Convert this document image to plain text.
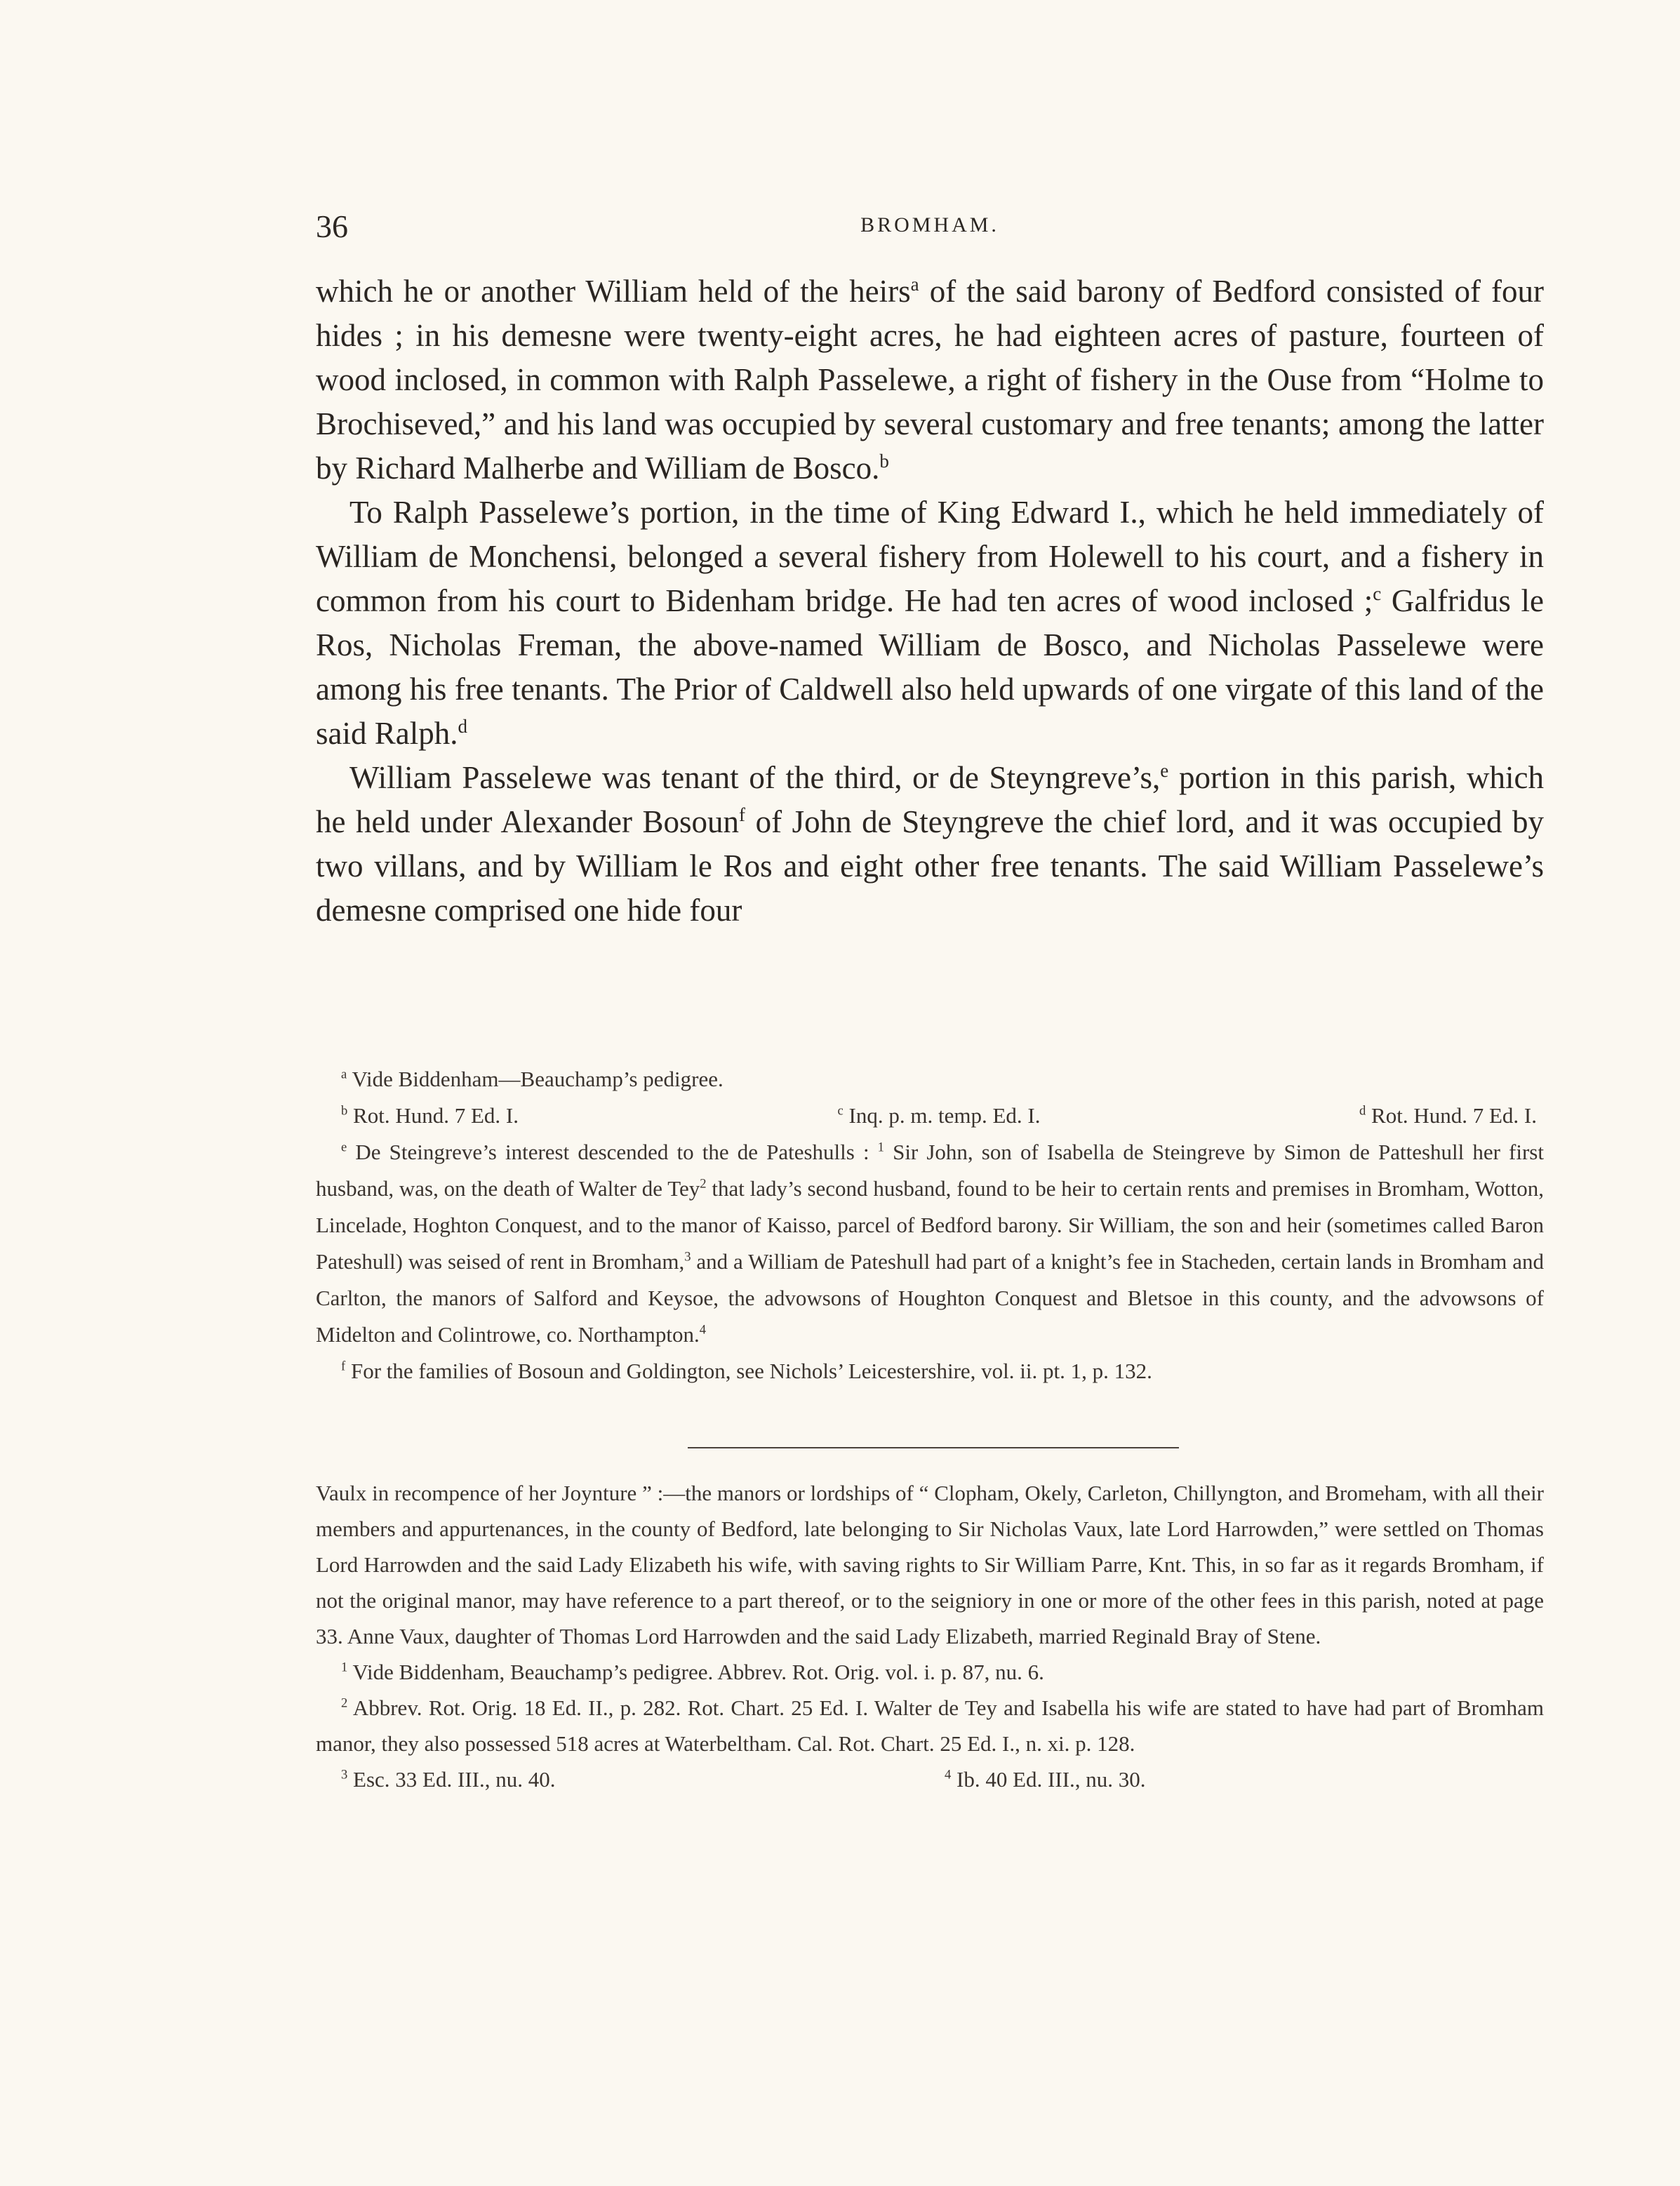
36	BROMHAM.

which he or another William held of the heirs$^a$ of the said barony of Bedford consisted of four hides ; in his demesne were twenty-eight acres, he had eighteen acres of pasture, fourteen of wood inclosed, in common with Ralph Passelewe, a right of fishery in the Ouse from “Holme to Brochiseved,” and his land was occupied by several customary and free tenants; among the latter by Richard Malherbe and William de Bosco.$^b$

To Ralph Passelewe’s portion, in the time of King Edward I., which he held immediately of William de Monchensi, belonged a several fishery from Holewell to his court, and a fishery in common from his court to Bidenham bridge. He had ten acres of wood inclosed ;$^c$ Galfridus le Ros, Nicholas Freman, the above-named William de Bosco, and Nicholas Passelewe were among his free tenants. The Prior of Caldwell also held upwards of one virgate of this land of the said Ralph.$^d$

William Passelewe was tenant of the third, or de Steyngreve’s,$^e$ portion in this parish, which he held under Alexander Bosoun$^f$ of John de Steyngreve the chief lord, and it was occupied by two villans, and by William le Ros and eight other free tenants. The said William Passelewe’s demesne comprised one hide four

$^a$ Vide Biddenham—Beauchamp’s pedigree.
$^b$ Rot. Hund. 7 Ed. I.	$^c$ Inq. p. m. temp. Ed. I.	$^d$ Rot. Hund. 7 Ed. I.
$^e$ De Steingreve’s interest descended to the de Pateshulls : $^1$ Sir John, son of Isabella de Steingreve by Simon de Patteshull her first husband, was, on the death of Walter de Tey$^2$ that lady’s second husband, found to be heir to certain rents and premises in Bromham, Wotton, Lincelade, Hoghton Conquest, and to the manor of Kaisso, parcel of Bedford barony. Sir William, the son and heir (sometimes called Baron Pateshull) was seised of rent in Bromham,$^3$ and a William de Pateshull had part of a knight’s fee in Stacheden, certain lands in Bromham and Carlton, the manors of Salford and Keysoe, the advowsons of Houghton Conquest and Bletsoe in this county, and the advowsons of Midelton and Colintrowe, co. Northampton.$^4$
$^f$ For the families of Bosoun and Goldington, see Nichols’ Leicestershire, vol. ii. pt. 1, p. 132.

Vaulx in recompence of her Joynture ” :—the manors or lordships of “ Clopham, Okely, Carleton, Chillyngton, and Bromeham, with all their members and appurtenances, in the county of Bedford, late belonging to Sir Nicholas Vaux, late Lord Harrowden,” were settled on Thomas Lord Harrowden and the said Lady Elizabeth his wife, with saving rights to Sir William Parre, Knt. This, in so far as it regards Bromham, if not the original manor, may have reference to a part thereof, or to the seigniory in one or more of the other fees in this parish, noted at page 33. Anne Vaux, daughter of Thomas Lord Harrowden and the said Lady Elizabeth, married Reginald Bray of Stene.

$^1$ Vide Biddenham, Beauchamp’s pedigree. Abbrev. Rot. Orig. vol. i. p. 87, nu. 6.

$^2$ Abbrev. Rot. Orig. 18 Ed. II., p. 282. Rot. Chart. 25 Ed. I. Walter de Tey and Isabella his wife are stated to have had part of Bromham manor, they also possessed 518 acres at Waterbeltham. Cal. Rot. Chart. 25 Ed. I., n. xi. p. 128.

$^3$ Esc. 33 Ed. III., nu. 40.	$^4$ Ib. 40 Ed. III., nu. 30.
